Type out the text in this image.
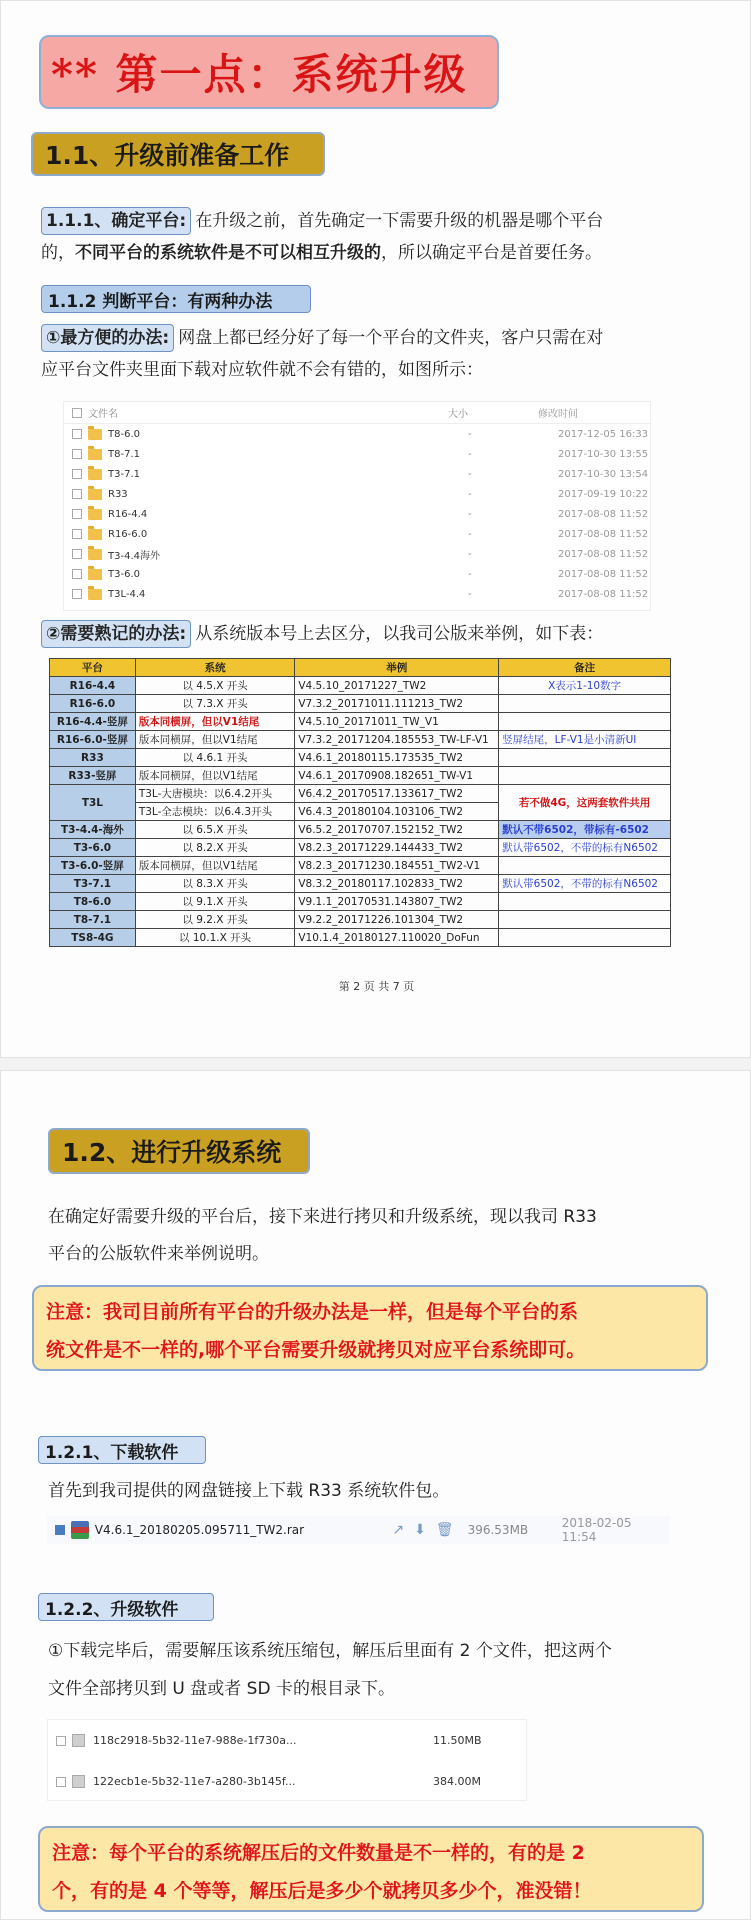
** 第一点：系统升级
1.1、升级前准备工作
1.1.1、确定平台: 在升级之前，首先确定一下需要升级的机器是哪个平台
的，不同平台的系统软件是不可以相互升级的，所以确定平台是首要任务。
1.1.2 判断平台：有两种办法
①最方便的办法: 网盘上都已经分好了每一个平台的文件夹，客户只需在对
应平台文件夹里面下载对应软件就不会有错的，如图所示：
文件名	大小	修改时间
T8-6.0	-	2017-12-05 16:33
T8-7.1	-	2017-10-30 13:55
T3-7.1	-	2017-10-30 13:54
R33	-	2017-09-19 10:22
R16-4.4	-	2017-08-08 11:52
R16-6.0	-	2017-08-08 11:52
T3-4.4海外	-	2017-08-08 11:52
T3-6.0	-	2017-08-08 11:52
T3L-4.4	-	2017-08-08 11:52
②需要熟记的办法: 从系统版本号上去区分，以我司公版来举例，如下表：
平台	系统	举例	备注
R16-4.4	以 4.5.X 开头	V4.5.10_20171227_TW2	X表示1-10数字
R16-6.0	以 7.3.X 开头	V7.3.2_20171011.111213_TW2	
R16-4.4-竖屏	版本同横屏，但以V1结尾	V4.5.10_20171011_TW_V1	
R16-6.0-竖屏	版本同横屏，但以V1结尾	V7.3.2_20171204.185553_TW-LF-V1	竖屏结尾，LF-V1是小清新UI
R33	以 4.6.1 开头	V4.6.1_20180115.173535_TW2	
R33-竖屏	版本同横屏，但以V1结尾	V4.6.1_20170908.182651_TW-V1	
T3L	T3L-大唐模块：以6.4.2开头	V6.4.2_20170517.133617_TW2	若不做4G，这两套软件共用
	T3L-全志模块：以6.4.3开头	V6.4.3_20180104.103106_TW2	
T3-4.4-海外	以 6.5.X 开头	V6.5.2_20170707.152152_TW2	默认不带6502，带标有-6502
T3-6.0	以 8.2.X 开头	V8.2.3_20171229.144433_TW2	默认带6502，不带的标有N6502
T3-6.0-竖屏	版本同横屏，但以V1结尾	V8.2.3_20171230.184551_TW2-V1	
T3-7.1	以 8.3.X 开头	V8.3.2_20180117.102833_TW2	默认带6502，不带的标有N6502
T8-6.0	以 9.1.X 开头	V9.1.1_20170531.143807_TW2	
T8-7.1	以 9.2.X 开头	V9.2.2_20171226.101304_TW2	
TS8-4G	以 10.1.X 开头	V10.1.4_20180127.110020_DoFun	
第 2 页 共 7 页
1.2、进行升级系统
在确定好需要升级的平台后，接下来进行拷贝和升级系统，现以我司 R33
平台的公版软件来举例说明。
注意：我司目前所有平台的升级办法是一样，但是每个平台的系
统文件是不一样的,哪个平台需要升级就拷贝对应平台系统即可。
1.2.1、下载软件
首先到我司提供的网盘链接上下载 R33 系统软件包。
V4.6.1_20180205.095711_TW2.rar	↗ ⬇ 🗑 396.53MB	2018-02-05 11:54
1.2.2、升级软件
①下载完毕后，需要解压该系统压缩包，解压后里面有 2 个文件，把这两个
文件全部拷贝到 U 盘或者 SD 卡的根目录下。
118c2918-5b32-11e7-988e-1f730a...	11.50MB
122ecb1e-5b32-11e7-a280-3b145f...	384.00M
注意：每个平台的系统解压后的文件数量是不一样的，有的是 2
个，有的是 4 个等等，解压后是多少个就拷贝多少个，准没错！
